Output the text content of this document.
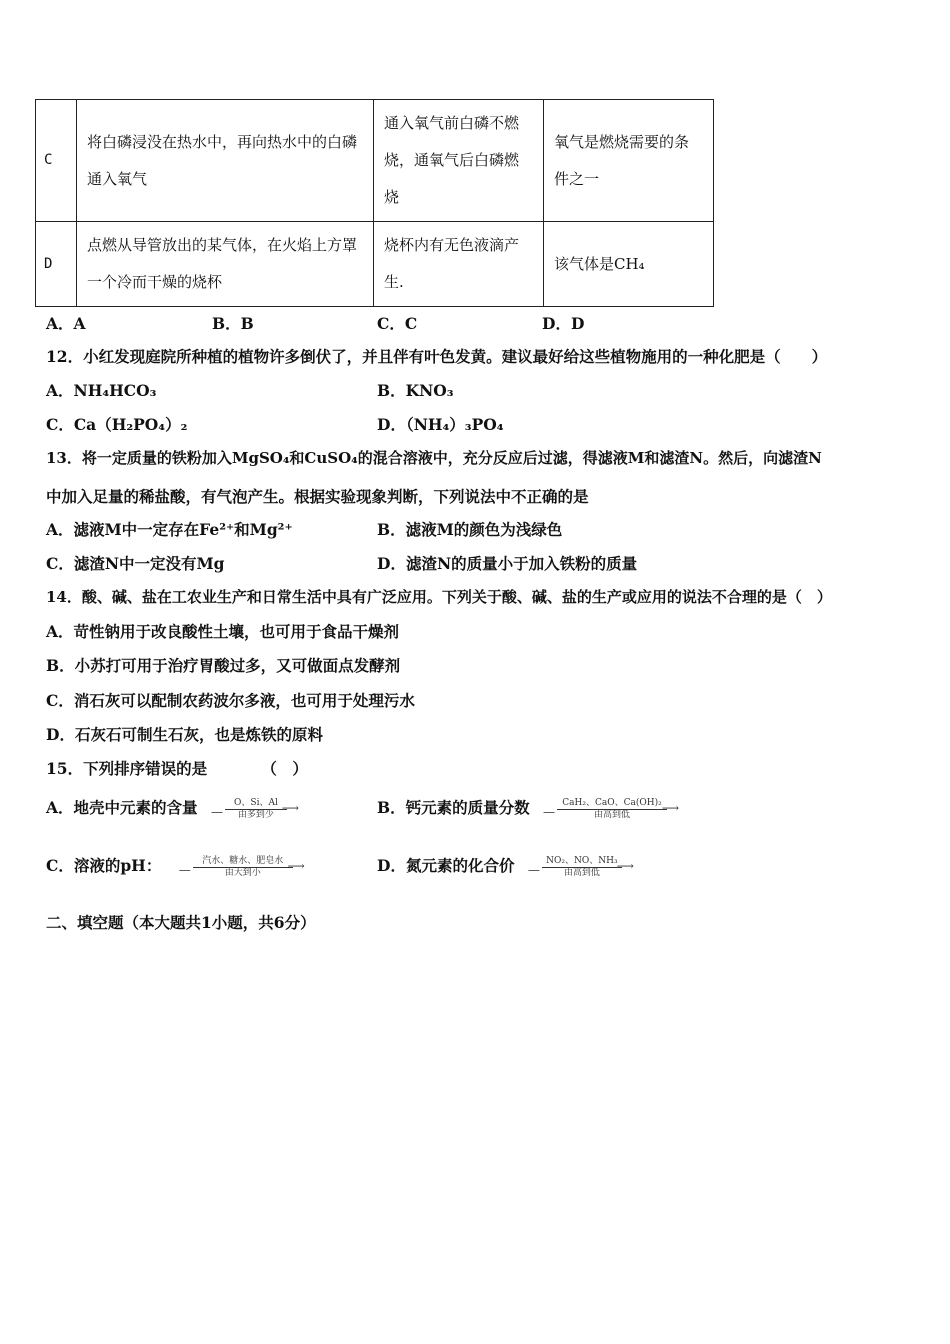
C	将白磷浸没在热水中，再向热水中的白磷通入氧气	通入氧气前白磷不燃烧，通氧气后白磷燃烧	氧气是燃烧需要的条件之一
D	点燃从导管放出的某气体，在火焰上方罩一个冷而干燥的烧杯	烧杯内有无色液滴产生.	该气体是CH₄
A．A	B．B	C．C	D．D
12．小红发现庭院所种植的植物许多倒伏了，并且伴有叶色发黄。建议最好给这些植物施用的一种化肥是（　　）
A．NH₄HCO₃	B．KNO₃
C．Ca（H₂PO₄）₂	D．（NH₄）₃PO₄
13．将一定质量的铁粉加入MgSO₄和CuSO₄的混合溶液中，充分反应后过滤，得滤液M和滤渣N。然后，向滤渣N
中加入足量的稀盐酸，有气泡产生。根据实验现象判断，下列说法中不正确的是
A．滤液M中一定存在Fe²⁺和Mg²⁺	B．滤液M的颜色为浅绿色
C．滤渣N中一定没有Mg	D．滤渣N的质量小于加入铁粉的质量
14．酸、碱、盐在工农业生产和日常生活中具有广泛应用。下列关于酸、碱、盐的生产或应用的说法不合理的是（　）
A．苛性钠用于改良酸性土壤，也可用于食品干燥剂
B．小苏打可用于治疗胃酸过多，又可做面点发酵剂
C．消石灰可以配制农药波尔多液，也可用于处理污水
D．石灰石可制生石灰，也是炼铁的原料
15．下列排序错误的是　　　　（　）
A．地壳中元素的含量 —
O、Si、Al
⟶
由多到少	B．钙元素的质量分数 —
CaH₂、CaO、Ca(OH)₂
⟶
由高到低
C．溶液的pH： —
汽水、糖水、肥皂水
⟶
由大到小	D．氮元素的化合价 —
NO₂、NO、NH₃
⟶
由高到低
二、填空题（本大题共1小题，共6分）
